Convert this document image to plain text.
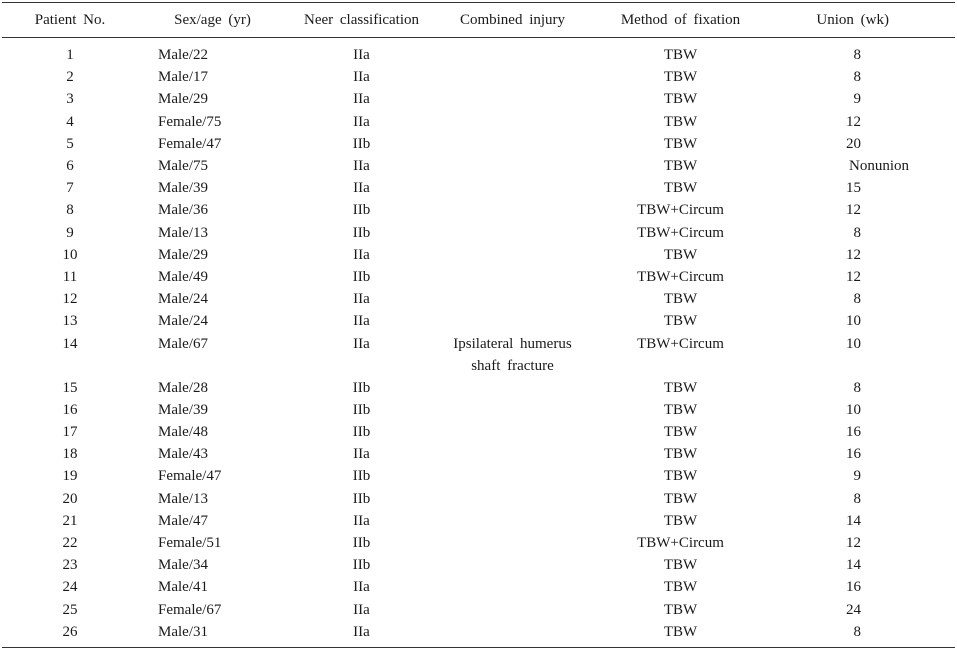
Patient No.	Sex/age (yr)	Neer classification	Combined injury	Method of fixation	Union (wk)
1	Male/22	IIa		TBW	8
2	Male/17	IIa		TBW	8
3	Male/29	IIa		TBW	9
4	Female/75	IIa		TBW	12
5	Female/47	IIb		TBW	20
6	Male/75	IIa		TBW	Nonunion
7	Male/39	IIa		TBW	15
8	Male/36	IIb		TBW+Circum	12
9	Male/13	IIb		TBW+Circum	8
10	Male/29	IIa		TBW	12
11	Male/49	IIb		TBW+Circum	12
12	Male/24	IIa		TBW	8
13	Male/24	IIa		TBW	10
14	Male/67	IIa	Ipsilateral humerus shaft fracture	TBW+Circum	10
15	Male/28	IIb		TBW	8
16	Male/39	IIb		TBW	10
17	Male/48	IIb		TBW	16
18	Male/43	IIa		TBW	16
19	Female/47	IIb		TBW	9
20	Male/13	IIb		TBW	8
21	Male/47	IIa		TBW	14
22	Female/51	IIb		TBW+Circum	12
23	Male/34	IIb		TBW	14
24	Male/41	IIa		TBW	16
25	Female/67	IIa		TBW	24
26	Male/31	IIa		TBW	8
